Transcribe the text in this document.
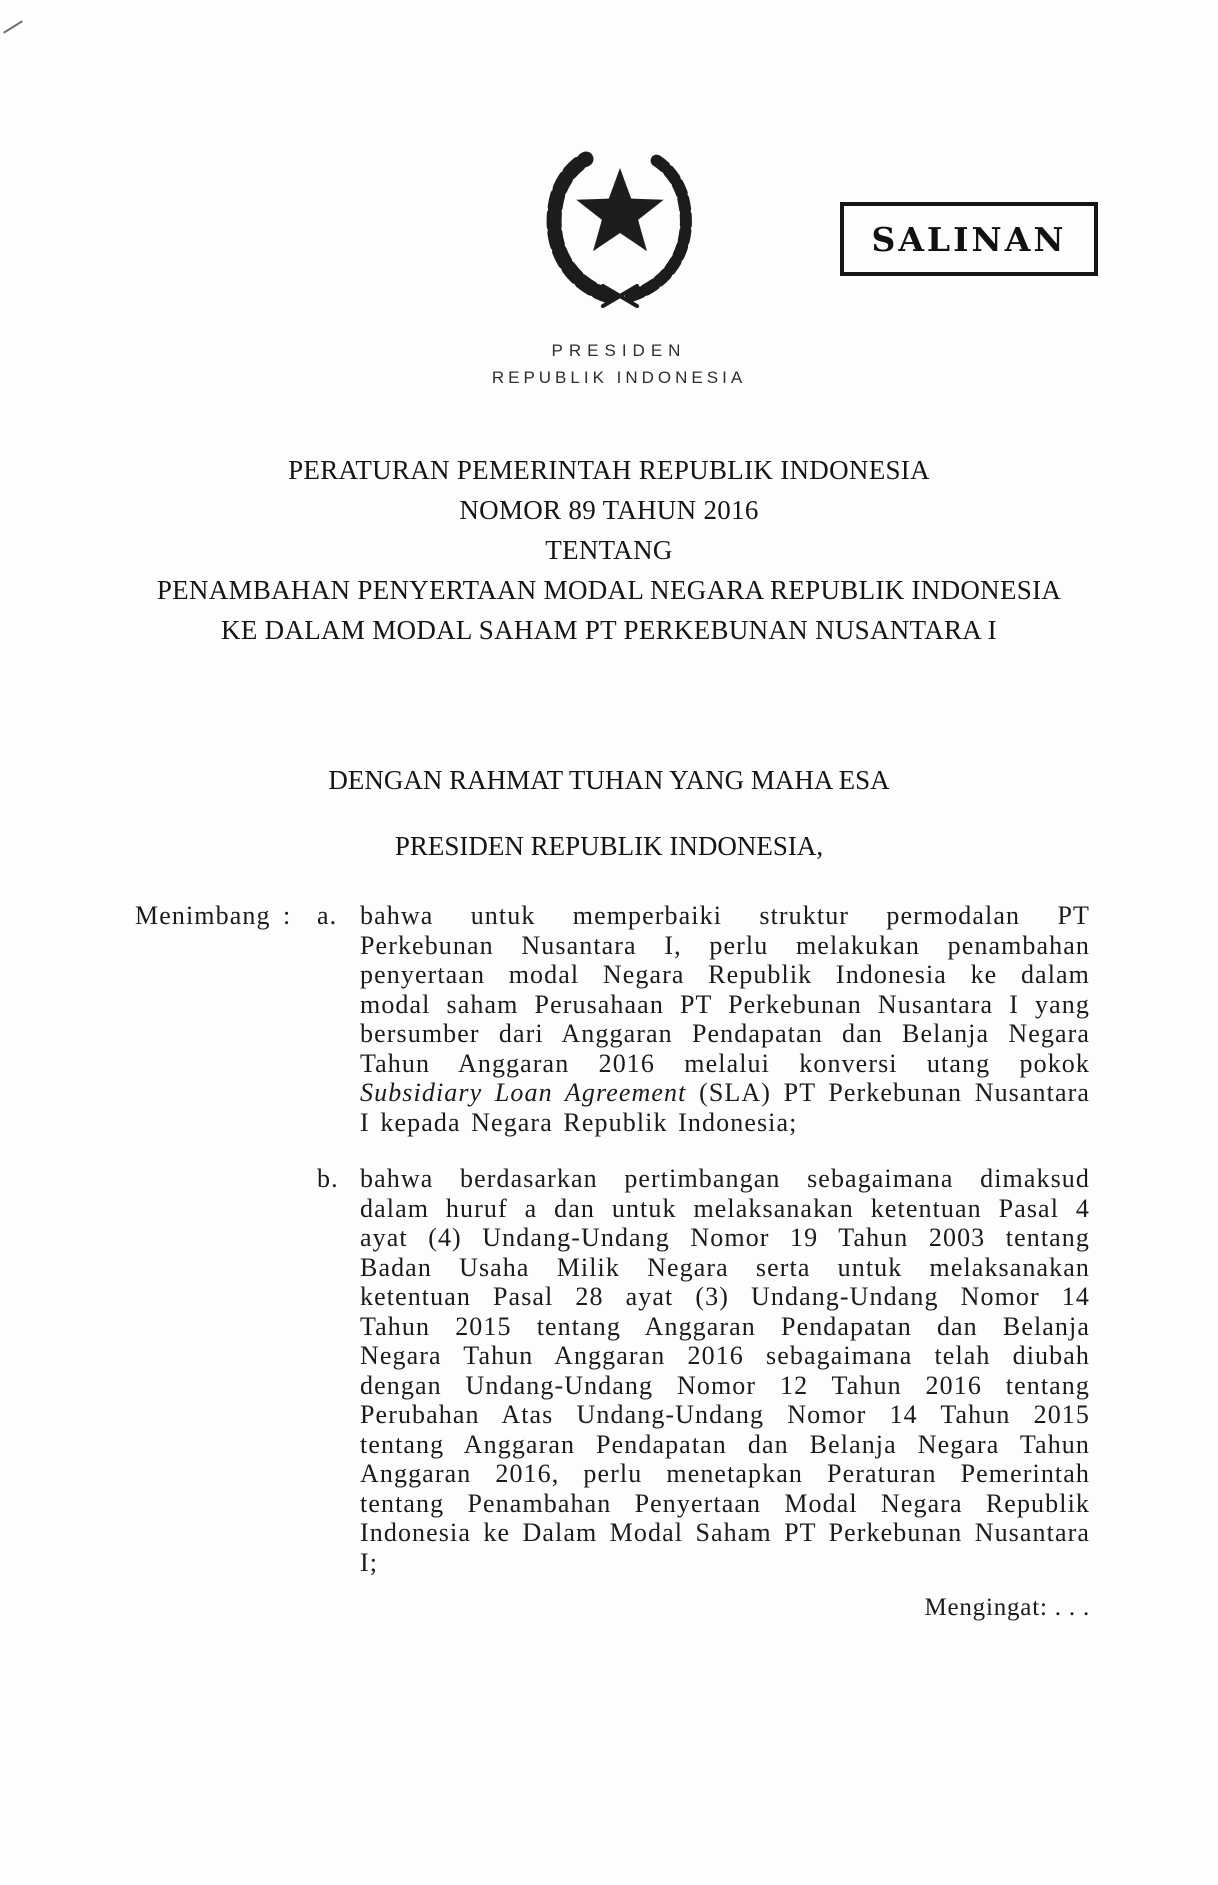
SALINAN
PRESIDEN
REPUBLIK INDONESIA
PERATURAN PEMERINTAH REPUBLIK INDONESIA
NOMOR 89 TAHUN 2016
TENTANG
PENAMBAHAN PENYERTAAN MODAL NEGARA REPUBLIK INDONESIA
KE DALAM MODAL SAHAM PT PERKEBUNAN NUSANTARA I
DENGAN RAHMAT TUHAN YANG MAHA ESA
PRESIDEN REPUBLIK INDONESIA,
Menimbang : a. bahwa untuk memperbaiki struktur permodalan PT Perkebunan Nusantara I, perlu melakukan penambahan penyertaan modal Negara Republik Indonesia ke dalam modal saham Perusahaan PT Perkebunan Nusantara I yang bersumber dari Anggaran Pendapatan dan Belanja Negara Tahun Anggaran 2016 melalui konversi utang pokok Subsidiary Loan Agreement (SLA) PT Perkebunan Nusantara I kepada Negara Republik Indonesia;
b. bahwa berdasarkan pertimbangan sebagaimana dimaksud dalam huruf a dan untuk melaksanakan ketentuan Pasal 4 ayat (4) Undang-Undang Nomor 19 Tahun 2003 tentang Badan Usaha Milik Negara serta untuk melaksanakan ketentuan Pasal 28 ayat (3) Undang-Undang Nomor 14 Tahun 2015 tentang Anggaran Pendapatan dan Belanja Negara Tahun Anggaran 2016 sebagaimana telah diubah dengan Undang-Undang Nomor 12 Tahun 2016 tentang Perubahan Atas Undang-Undang Nomor 14 Tahun 2015 tentang Anggaran Pendapatan dan Belanja Negara Tahun Anggaran 2016, perlu menetapkan Peraturan Pemerintah tentang Penambahan Penyertaan Modal Negara Republik Indonesia ke Dalam Modal Saham PT Perkebunan Nusantara I;
Mengingat: . . .
